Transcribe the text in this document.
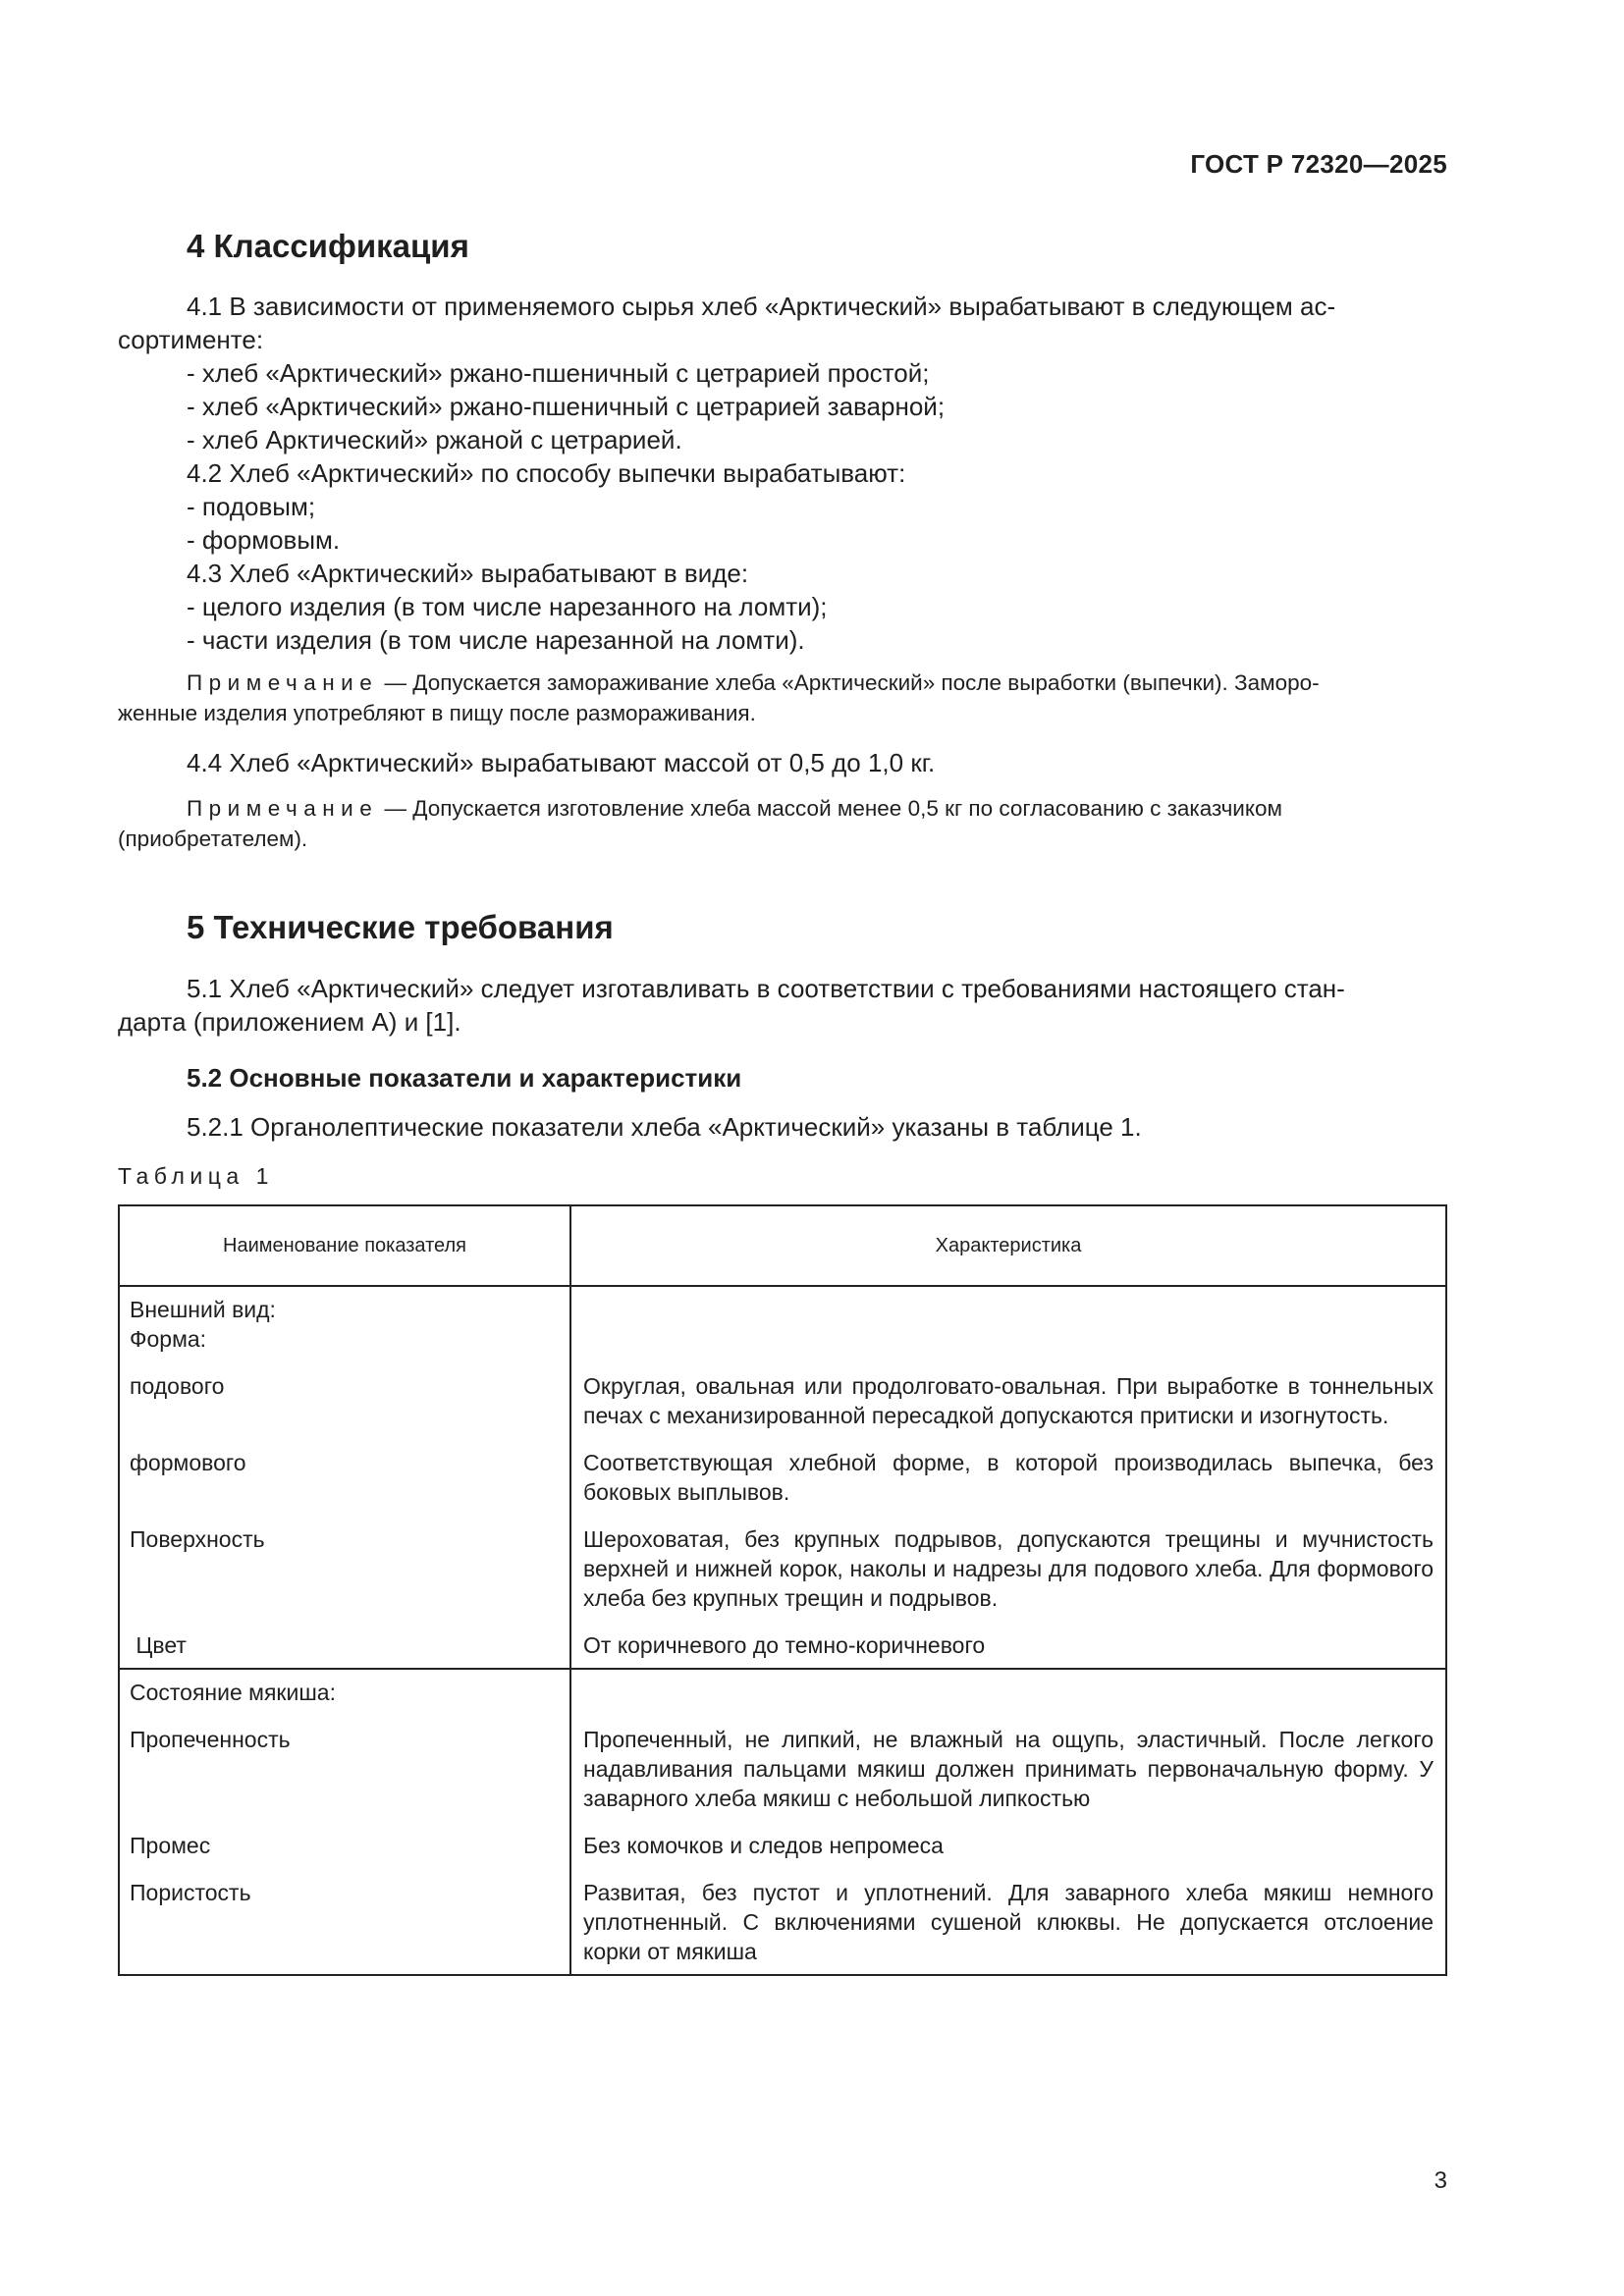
ГОСТ Р 72320—2025
4 Классификация
4.1 В зависимости от применяемого сырья хлеб «Арктический» вырабатывают в следующем ас-
сортименте:
- хлеб «Арктический» ржано-пшеничный с цетрарией простой;
- хлеб «Арктический» ржано-пшеничный с цетрарией заварной;
- хлеб Арктический» ржаной с цетрарией.
4.2 Хлеб «Арктический» по способу выпечки вырабатывают:
- подовым;
- формовым.
4.3 Хлеб «Арктический» вырабатывают в виде:
- целого изделия (в том числе нарезанного на ломти);
- части изделия (в том числе нарезанной на ломти).
Примечание — Допускается замораживание хлеба «Арктический» после выработки (выпечки). Заморо-
женные изделия употребляют в пищу после размораживания.
4.4 Хлеб «Арктический» вырабатывают массой от 0,5 до 1,0 кг.
Примечание — Допускается изготовление хлеба массой менее 0,5 кг по согласованию с заказчиком
(приобретателем).
5 Технические требования
5.1 Хлеб «Арктический» следует изготавливать в соответствии с требованиями настоящего стан-
дарта (приложением А) и [1].
5.2 Основные показатели и характеристики
5.2.1 Органолептические показатели хлеба «Арктический» указаны в таблице 1.
Таблица 1
Наименование показателя	Характеристика
Внешний вид:
Форма:	
подового	Округлая, овальная или продолговато-овальная. При выработке в тоннельных печах с механизированной пересадкой допускаются притиски и изогнутость.
формового	Соответствующая хлебной форме, в которой производилась выпечка, без боковых выплывов.
Поверхность	Шероховатая, без крупных подрывов, допускаются трещины и мучнистость верхней и нижней корок, наколы и надрезы для подового хлеба. Для формового хлеба без крупных трещин и подрывов.
Цвет	От коричневого до темно-коричневого
Состояние мякиша:	
Пропеченность	Пропеченный, не липкий, не влажный на ощупь, эластичный. После легкого надавливания пальцами мякиш должен принимать первоначальную форму. У заварного хлеба мякиш с небольшой липкостью
Промес	Без комочков и следов непромеса
Пористость	Развитая, без пустот и уплотнений. Для заварного хлеба мякиш немного уплотненный. С включениями сушеной клюквы. Не допускается отслоение корки от мякиша
3
